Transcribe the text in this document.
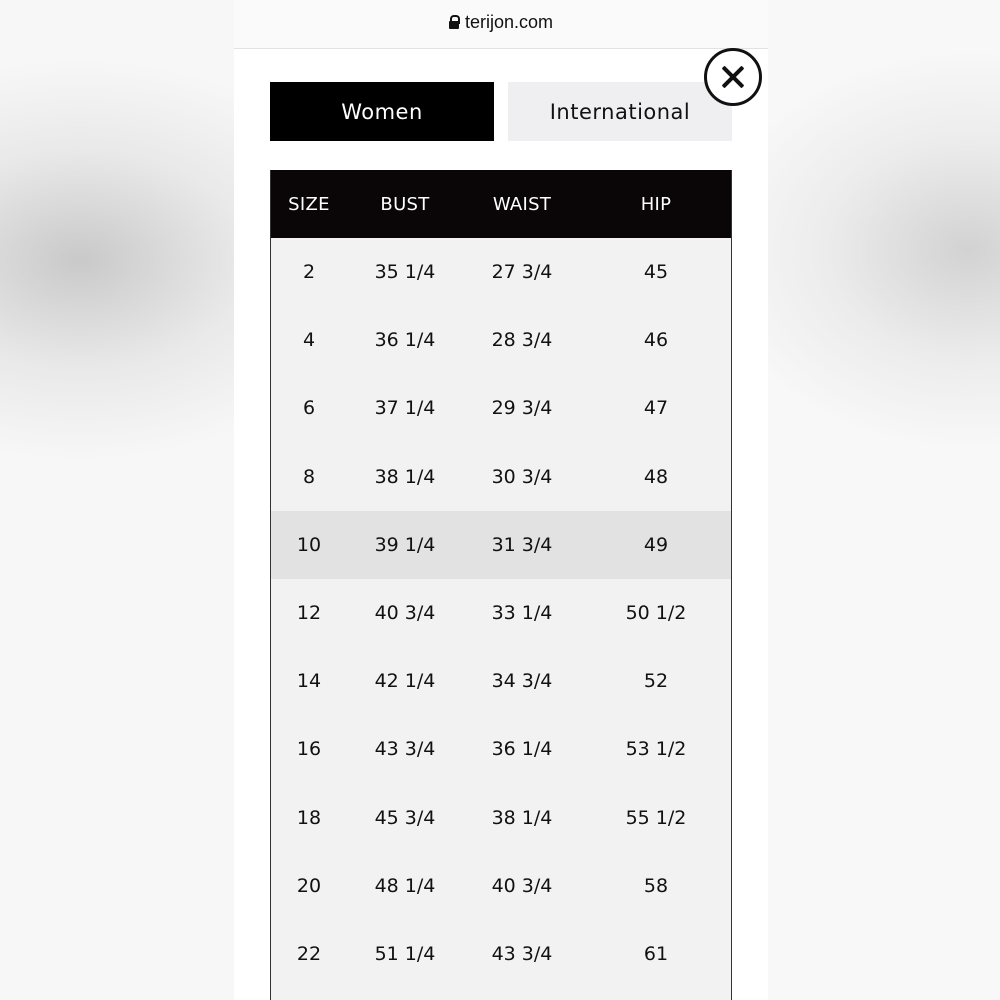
terijon.com
Women	International
SIZE	BUST	WAIST	HIP
2	35 1/4	27 3/4	45
4	36 1/4	28 3/4	46
6	37 1/4	29 3/4	47
8	38 1/4	30 3/4	48
10	39 1/4	31 3/4	49
12	40 3/4	33 1/4	50 1/2
14	42 1/4	34 3/4	52
16	43 3/4	36 1/4	53 1/2
18	45 3/4	38 1/4	55 1/2
20	48 1/4	40 3/4	58
22	51 1/4	43 3/4	61
